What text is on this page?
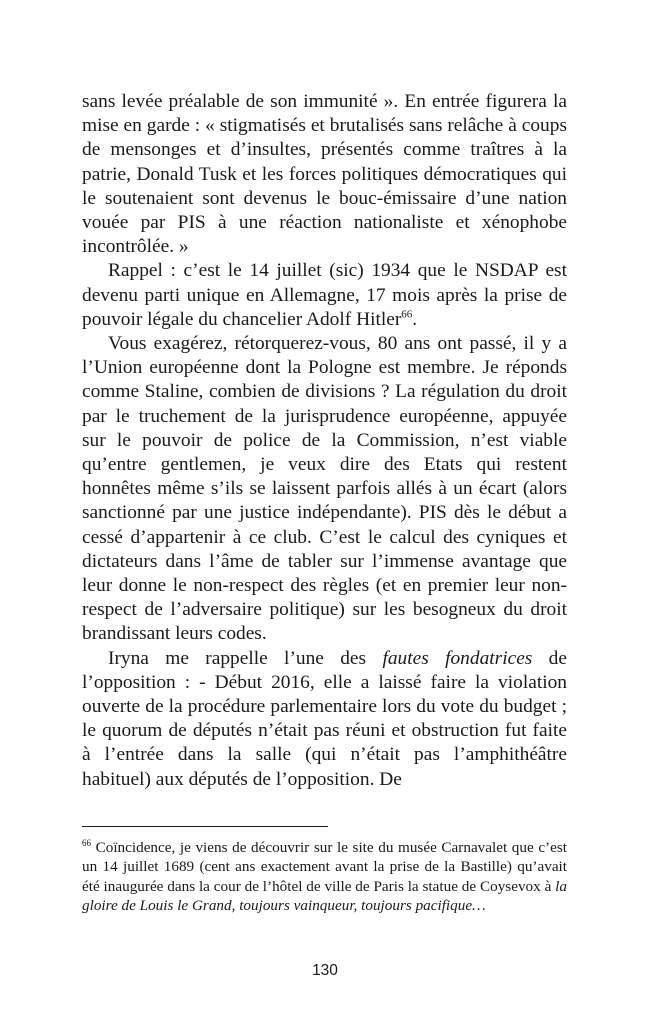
sans levée préalable de son immunité ». En entrée figurera la mise en garde : « stigmatisés et brutalisés sans relâche à coups de mensonges et d’insultes, présentés comme traîtres à la patrie, Donald Tusk et les forces politiques démocratiques qui le soutenaient sont devenus le bouc-émissaire d’une nation vouée par PIS à une réaction nationaliste et xénophobe incontrôlée. »

Rappel : c’est le 14 juillet (sic) 1934 que le NSDAP est devenu parti unique en Allemagne, 17 mois après la prise de pouvoir légale du chancelier Adolf Hitler$^{66}$.

Vous exagérez, rétorquerez-vous, 80 ans ont passé, il y a l’Union européenne dont la Pologne est membre. Je réponds comme Staline, combien de divisions ? La régulation du droit par le truchement de la jurisprudence européenne, appuyée sur le pouvoir de police de la Commission, n’est viable qu’entre gentlemen, je veux dire des Etats qui restent honnêtes même s’ils se laissent parfois allés à un écart (alors sanctionné par une justice indépendante). PIS dès le début a cessé d’appartenir à ce club. C’est le calcul des cyniques et dictateurs dans l’âme de tabler sur l’immense avantage que leur donne le non-respect des règles (et en premier leur non-respect de l’adversaire politique) sur les besogneux du droit brandissant leurs codes.

Iryna me rappelle l’une des fautes fondatrices de l’opposition : - Début 2016, elle a laissé faire la violation ouverte de la procédure parlementaire lors du vote du budget ; le quorum de députés n’était pas réuni et obstruction fut faite à l’entrée dans la salle (qui n’était pas l’amphithéâtre habituel) aux députés de l’opposition. De

$^{66}$ Coïncidence, je viens de découvrir sur le site du musée Carnavalet que c’est un 14 juillet 1689 (cent ans exactement avant la prise de la Bastille) qu’avait été inaugurée dans la cour de l’hôtel de ville de Paris la statue de Coysevox à la gloire de Louis le Grand, toujours vainqueur, toujours pacifique…

130
